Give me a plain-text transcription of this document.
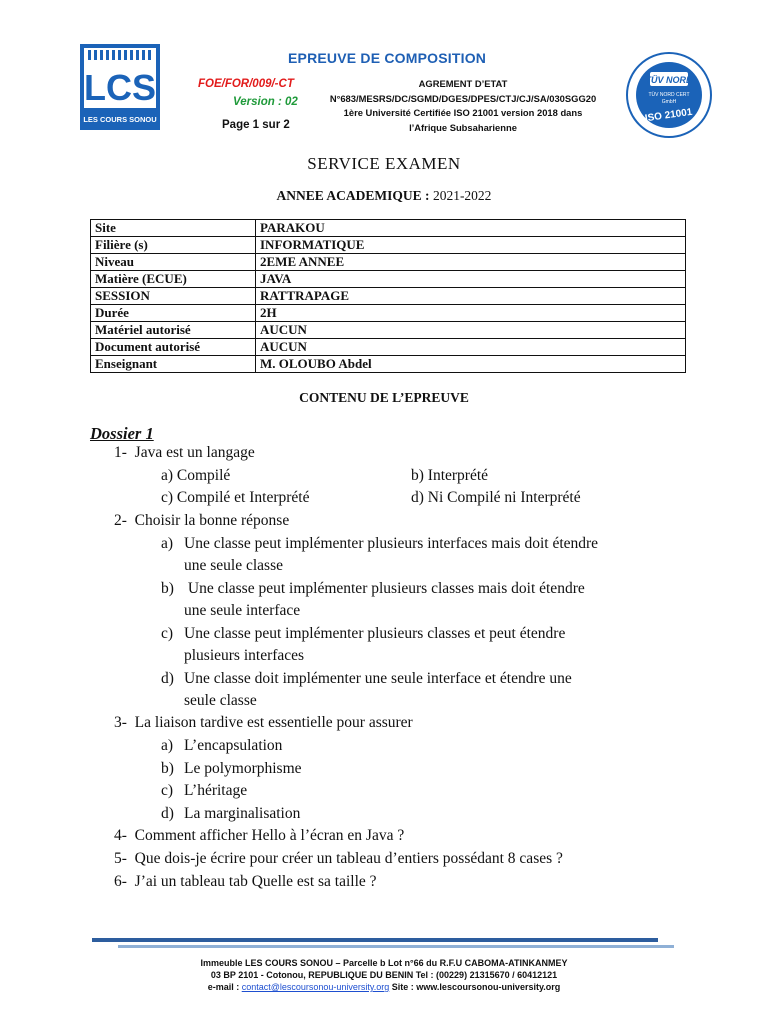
LCS
LES COURS SONOU
EPREUVE DE COMPOSITION
FOE/FOR/009/-CT
Version : 02
Page 1 sur 2
AGREMENT D’ETAT
N°683/MESRS/DC/SGMD/DGES/DPES/CTJ/CJ/SA/030SGG20
1ère Université Certifiée ISO 21001 version 2018 dans
l’Afrique Subsaharienne
TÜV NORD
TÜV NORD CERT
GmbH
ISO 21001
SERVICE EXAMEN
ANNEE ACADEMIQUE : 2021-2022
Site	PARAKOU
Filière (s)	INFORMATIQUE
Niveau	2EME ANNEE
Matière (ECUE)	JAVA
SESSION	RATTRAPAGE
Durée	2H
Matériel autorisé	AUCUN
Document autorisé	AUCUN
Enseignant	M. OLOUBO Abdel
CONTENU DE L’EPREUVE
Dossier 1
1- Java est un langage
a) Compilé	b) Interprété
c) Compilé et Interprété	d) Ni Compilé ni Interprété
2- Choisir la bonne réponse
a) Une classe peut implémenter plusieurs interfaces mais doit étendre
une seule classe
b) Une classe peut implémenter plusieurs classes mais doit étendre
une seule interface
c) Une classe peut implémenter plusieurs classes et peut étendre
plusieurs interfaces
d) Une classe doit implémenter une seule interface et étendre une
seule classe
3- La liaison tardive est essentielle pour assurer
a) L’encapsulation
b) Le polymorphisme
c) L’héritage
d) La marginalisation
4- Comment afficher Hello à l’écran en Java ?
5- Que dois-je écrire pour créer un tableau d’entiers possédant 8 cases ?
6- J’ai un tableau tab Quelle est sa taille ?
Immeuble LES COURS SONOU – Parcelle b Lot n°66 du R.F.U CABOMA-ATINKANMEY
03 BP 2101 - Cotonou, REPUBLIQUE DU BENIN Tel : (00229) 21315670 / 60412121
e-mail : contact@lescoursonou-university.org Site : www.lescoursonou-university.org
